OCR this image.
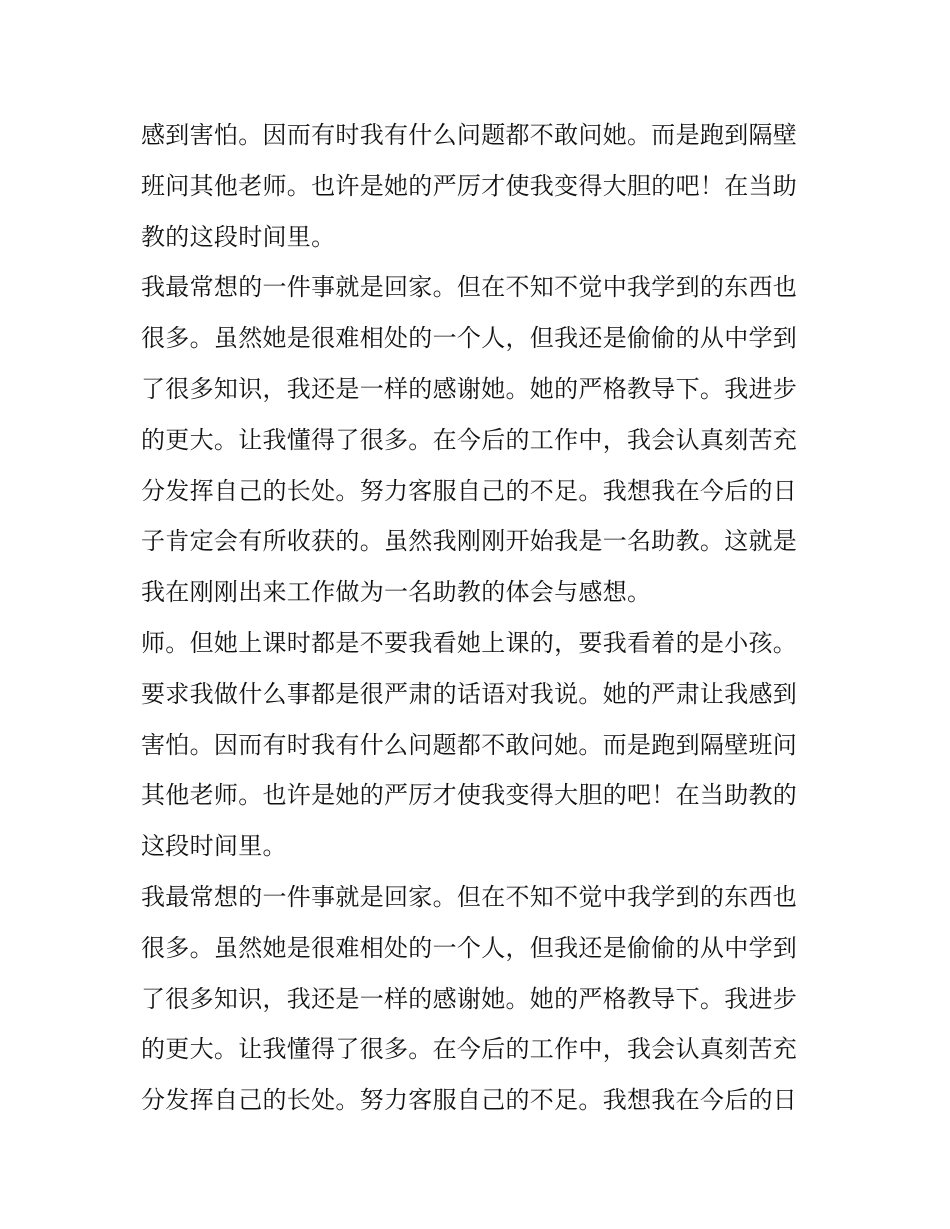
感到害怕。因而有时我有什么问题都不敢问她。而是跑到隔壁
班问其他老师。也许是她的严厉才使我变得大胆的吧！在当助
教的这段时间里。
我最常想的一件事就是回家。但在不知不觉中我学到的东西也
很多。虽然她是很难相处的一个人，但我还是偷偷的从中学到
了很多知识，我还是一样的感谢她。她的严格教导下。我进步
的更大。让我懂得了很多。在今后的工作中，我会认真刻苦充
分发挥自己的长处。努力客服自己的不足。我想我在今后的日
子肯定会有所收获的。虽然我刚刚开始我是一名助教。这就是
我在刚刚出来工作做为一名助教的体会与感想。
师。但她上课时都是不要我看她上课的，要我看着的是小孩。
要求我做什么事都是很严肃的话语对我说。她的严肃让我感到
害怕。因而有时我有什么问题都不敢问她。而是跑到隔壁班问
其他老师。也许是她的严厉才使我变得大胆的吧！在当助教的
这段时间里。
我最常想的一件事就是回家。但在不知不觉中我学到的东西也
很多。虽然她是很难相处的一个人，但我还是偷偷的从中学到
了很多知识，我还是一样的感谢她。她的严格教导下。我进步
的更大。让我懂得了很多。在今后的工作中，我会认真刻苦充
分发挥自己的长处。努力客服自己的不足。我想我在今后的日
